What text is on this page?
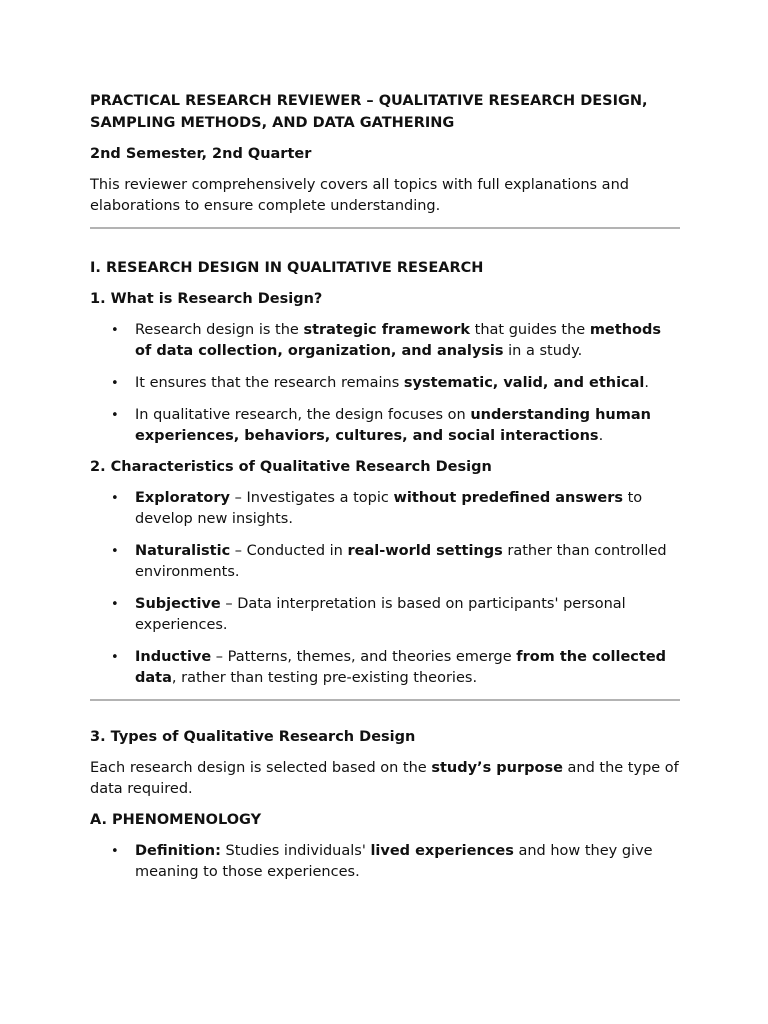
PRACTICAL RESEARCH REVIEWER – QUALITATIVE RESEARCH DESIGN, SAMPLING METHODS, AND DATA GATHERING
2nd Semester, 2nd Quarter

This reviewer comprehensively covers all topics with full explanations and elaborations to ensure complete understanding.

I. RESEARCH DESIGN IN QUALITATIVE RESEARCH
1. What is Research Design?
• Research design is the strategic framework that guides the methods of data collection, organization, and analysis in a study.
• It ensures that the research remains systematic, valid, and ethical.
• In qualitative research, the design focuses on understanding human experiences, behaviors, cultures, and social interactions.
2. Characteristics of Qualitative Research Design
• Exploratory – Investigates a topic without predefined answers to develop new insights.
• Naturalistic – Conducted in real-world settings rather than controlled environments.
• Subjective – Data interpretation is based on participants' personal experiences.
• Inductive – Patterns, themes, and theories emerge from the collected data, rather than testing pre-existing theories.
3. Types of Qualitative Research Design

Each research design is selected based on the study’s purpose and the type of data required.

A. PHENOMENOLOGY
• Definition: Studies individuals' lived experiences and how they give meaning to those experiences.
